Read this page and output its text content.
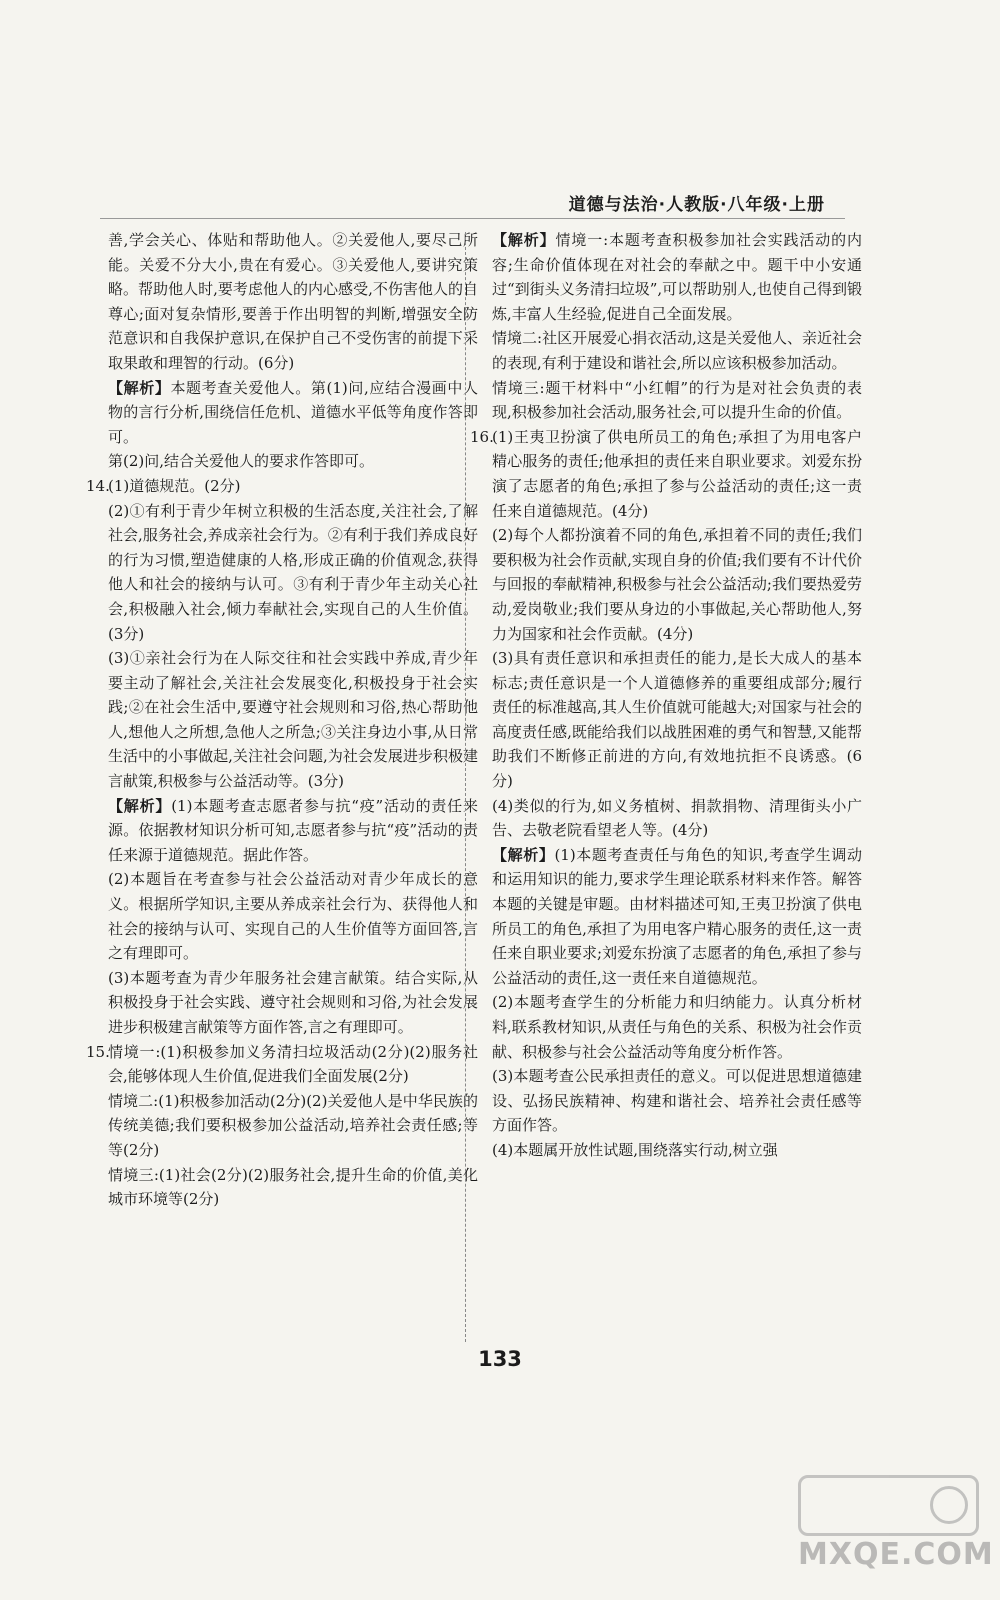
道德与法治·人教版·八年级·上册

善,学会关心、体贴和帮助他人。②关爱他人,要尽己所能。关爱不分大小,贵在有爱心。③关爱他人,要讲究策略。帮助他人时,要考虑他人的内心感受,不伤害他人的自尊心;面对复杂情形,要善于作出明智的判断,增强安全防范意识和自我保护意识,在保护自己不受伤害的前提下采取果敢和理智的行动。(6分)

【解析】本题考查关爱他人。第(1)问,应结合漫画中人物的言行分析,围绕信任危机、道德水平低等角度作答即可。

第(2)问,结合关爱他人的要求作答即可。

14.
(1)道德规范。(2分)

(2)①有利于青少年树立积极的生活态度,关注社会,了解社会,服务社会,养成亲社会行为。②有利于我们养成良好的行为习惯,塑造健康的人格,形成正确的价值观念,获得他人和社会的接纳与认可。③有利于青少年主动关心社会,积极融入社会,倾力奉献社会,实现自己的人生价值。(3分)

(3)①亲社会行为在人际交往和社会实践中养成,青少年要主动了解社会,关注社会发展变化,积极投身于社会实践;②在社会生活中,要遵守社会规则和习俗,热心帮助他人,想他人之所想,急他人之所急;③关注身边小事,从日常生活中的小事做起,关注社会问题,为社会发展进步积极建言献策,积极参与公益活动等。(3分)

【解析】(1)本题考查志愿者参与抗“疫”活动的责任来源。依据教材知识分析可知,志愿者参与抗“疫”活动的责任来源于道德规范。据此作答。

(2)本题旨在考查参与社会公益活动对青少年成长的意义。根据所学知识,主要从养成亲社会行为、获得他人和社会的接纳与认可、实现自己的人生价值等方面回答,言之有理即可。

(3)本题考查为青少年服务社会建言献策。结合实际,从积极投身于社会实践、遵守社会规则和习俗,为社会发展进步积极建言献策等方面作答,言之有理即可。

15.
情境一:(1)积极参加义务清扫垃圾活动(2分)(2)服务社会,能够体现人生价值,促进我们全面发展(2分)

情境二:(1)积极参加活动(2分)(2)关爱他人是中华民族的传统美德;我们要积极参加公益活动,培养社会责任感;等等(2分)

情境三:(1)社会(2分)(2)服务社会,提升生命的价值,美化城市环境等(2分)

【解析】情境一:本题考查积极参加社会实践活动的内容;生命价值体现在对社会的奉献之中。题干中小安通过“到街头义务清扫垃圾”,可以帮助别人,也使自己得到锻炼,丰富人生经验,促进自己全面发展。

情境二:社区开展爱心捐衣活动,这是关爱他人、亲近社会的表现,有利于建设和谐社会,所以应该积极参加活动。

情境三:题干材料中“小红帽”的行为是对社会负责的表现,积极参加社会活动,服务社会,可以提升生命的价值。

16.
(1)王夷卫扮演了供电所员工的角色;承担了为用电客户精心服务的责任;他承担的责任来自职业要求。刘爱东扮演了志愿者的角色;承担了参与公益活动的责任;这一责任来自道德规范。(4分)

(2)每个人都扮演着不同的角色,承担着不同的责任;我们要积极为社会作贡献,实现自身的价值;我们要有不计代价与回报的奉献精神,积极参与社会公益活动;我们要热爱劳动,爱岗敬业;我们要从身边的小事做起,关心帮助他人,努力为国家和社会作贡献。(4分)

(3)具有责任意识和承担责任的能力,是长大成人的基本标志;责任意识是一个人道德修养的重要组成部分;履行责任的标准越高,其人生价值就可能越大;对国家与社会的高度责任感,既能给我们以战胜困难的勇气和智慧,又能帮助我们不断修正前进的方向,有效地抗拒不良诱惑。(6分)

(4)类似的行为,如义务植树、捐款捐物、清理街头小广告、去敬老院看望老人等。(4分)

【解析】(1)本题考查责任与角色的知识,考查学生调动和运用知识的能力,要求学生理论联系材料来作答。解答本题的关键是审题。由材料描述可知,王夷卫扮演了供电所员工的角色,承担了为用电客户精心服务的责任,这一责任来自职业要求;刘爱东扮演了志愿者的角色,承担了参与公益活动的责任,这一责任来自道德规范。

(2)本题考查学生的分析能力和归纳能力。认真分析材料,联系教材知识,从责任与角色的关系、积极为社会作贡献、积极参与社会公益活动等角度分析作答。

(3)本题考查公民承担责任的意义。可以促进思想道德建设、弘扬民族精神、构建和谐社会、培养社会责任感等方面作答。

(4)本题属开放性试题,围绕落实行动,树立强

133
MXQE.COM
